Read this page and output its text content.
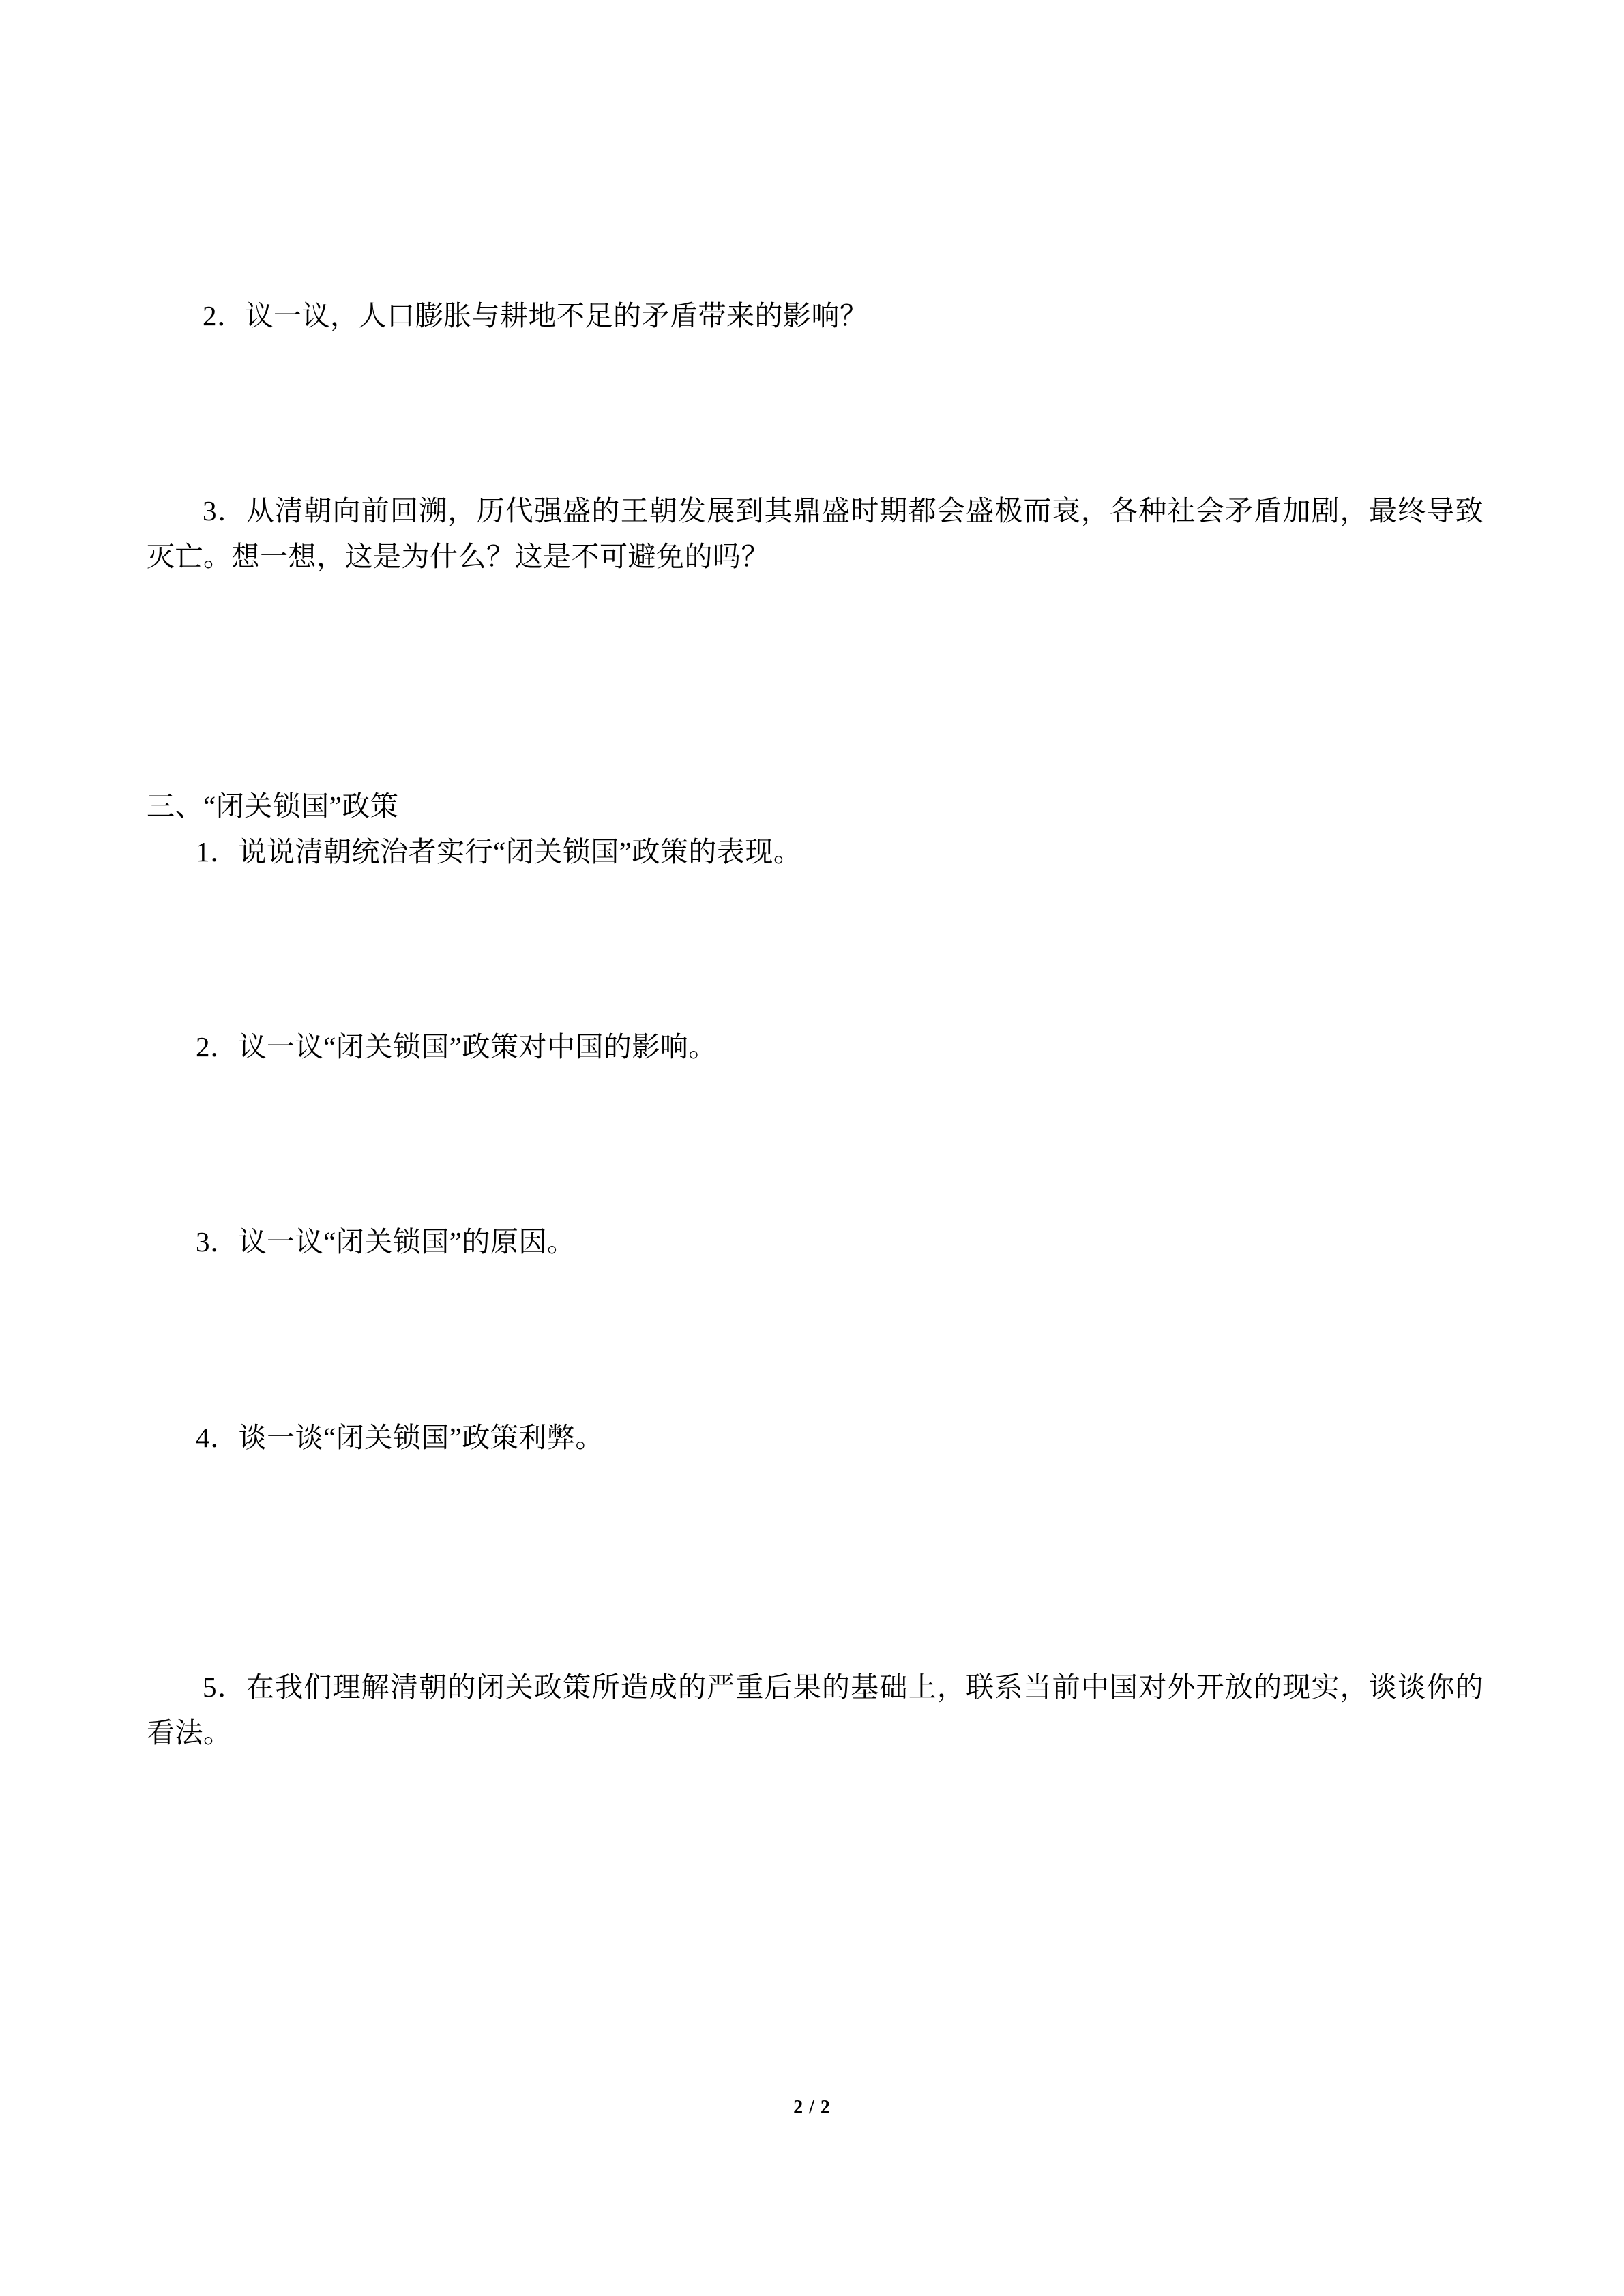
2．议一议，人口膨胀与耕地不足的矛盾带来的影响？

3．从清朝向前回溯，历代强盛的王朝发展到其鼎盛时期都会盛极而衰，各种社会矛盾加剧，最终导致灭亡。想一想，这是为什么？这是不可避免的吗？

三、“闭关锁国”政策

1．说说清朝统治者实行“闭关锁国”政策的表现。

2．议一议“闭关锁国”政策对中国的影响。

3．议一议“闭关锁国”的原因。

4．谈一谈“闭关锁国”政策利弊。

5．在我们理解清朝的闭关政策所造成的严重后果的基础上，联系当前中国对外开放的现实，谈谈你的看法。

2 / 2
